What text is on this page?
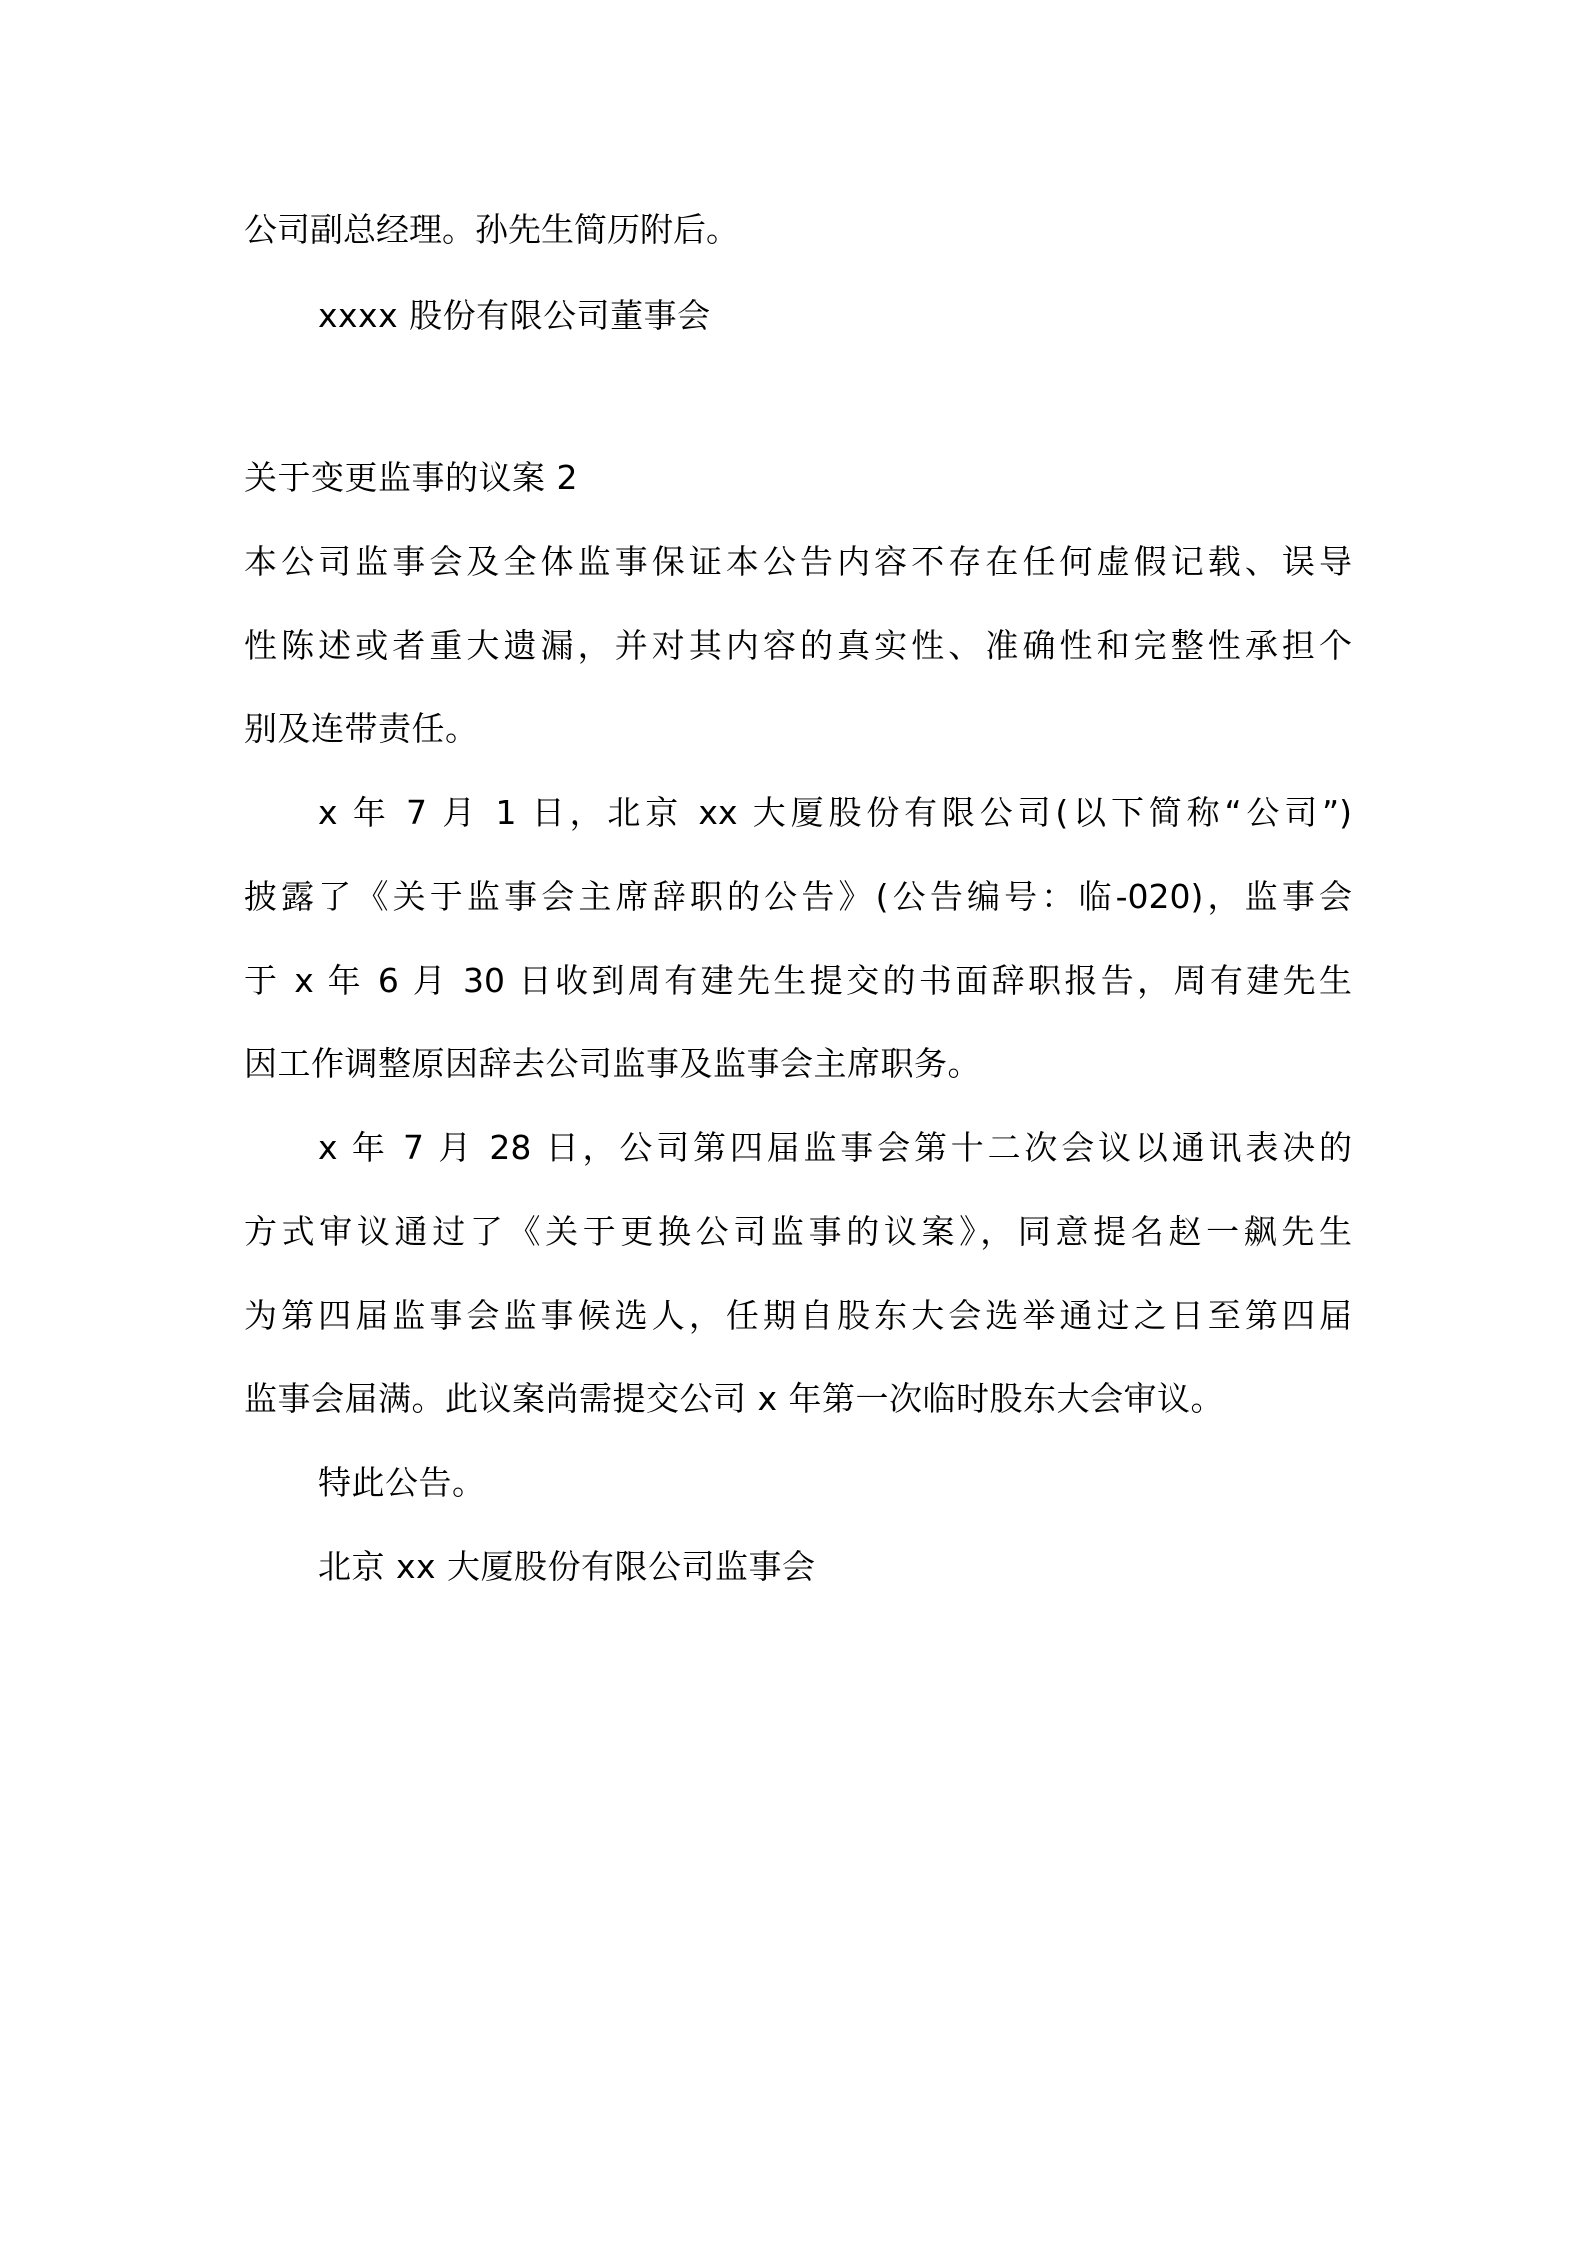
公司副总经理。孙先生简历附后。
xxxx 股份有限公司董事会
关于变更监事的议案 2
本公司监事会及全体监事保证本公告内容不存在任何虚假记载、误导
性陈述或者重大遗漏，并对其内容的真实性、准确性和完整性承担个
别及连带责任。
x 年 7 月 1 日，北京 xx 大厦股份有限公司(以下简称“公司”)
披露了《关于监事会主席辞职的公告》(公告编号：临-020)，监事会
于 x 年 6 月 30 日收到周有建先生提交的书面辞职报告，周有建先生
因工作调整原因辞去公司监事及监事会主席职务。
x 年 7 月 28 日，公司第四届监事会第十二次会议以通讯表决的
方式审议通过了《关于更换公司监事的议案》，同意提名赵一飙先生
为第四届监事会监事候选人，任期自股东大会选举通过之日至第四届
监事会届满。此议案尚需提交公司 x 年第一次临时股东大会审议。
特此公告。
北京 xx 大厦股份有限公司监事会
